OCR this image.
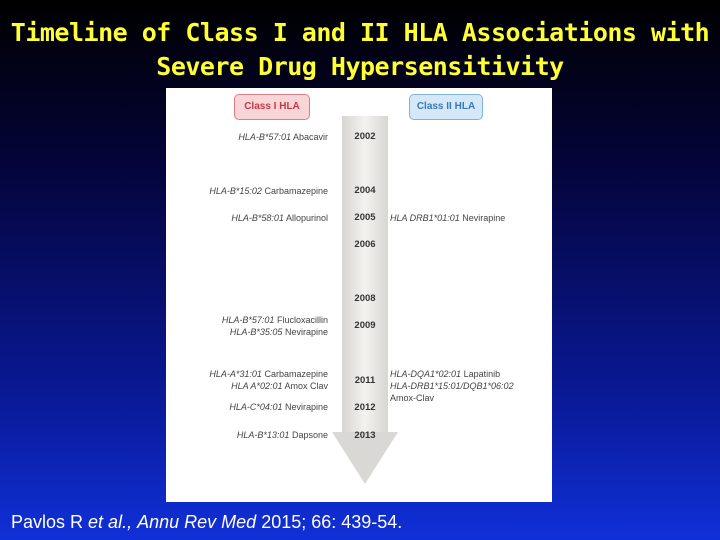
Timeline of Class I and II HLA Associations with
Severe Drug Hypersensitivity
Class I HLA	Class II HLA
2002
2004
2005
2006
2008
2009
2011
2012
2013
HLA-B*57:01 Abacavir
HLA-B*15:02 Carbamazepine
HLA-B*58:01 Allopurinol
HLA-B*57:01 Flucloxacillin
HLA-B*35:05 Nevirapine
HLA-A*31:01 Carbamazepine
HLA A*02:01 Amox Clav
HLA-C*04:01 Nevirapine
HLA-B*13:01 Dapsone
HLA DRB1*01:01 Nevirapine
HLA-DQA1*02:01 Lapatinib
HLA-DRB1*15:01/DQB1*06:02
Amox-Clav
Pavlos R et al., Annu Rev Med 2015; 66: 439-54.
